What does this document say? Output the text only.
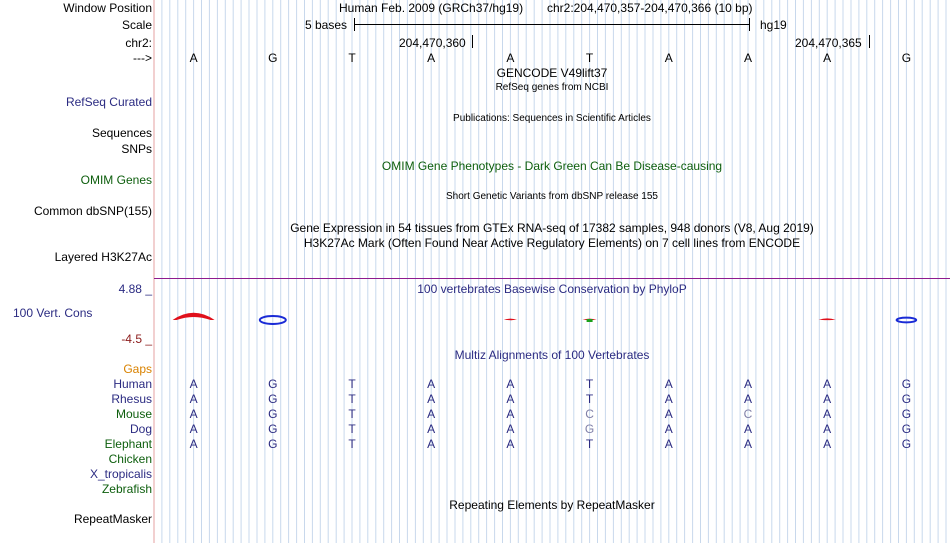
Window Position	Human Feb. 2009 (GRCh37/hg19) chr2:204,470,357-204,470,366 (10 bp)
Scale	5 bases	hg19
chr2:	204,470,360	204,470,365
--->	A	G	T	A	A	T	A	A	A	G
GENCODE V49lift37
RefSeq genes from NCBI
RefSeq Curated
Publications: Sequences in Scientific Articles
Sequences
SNPs
OMIM Gene Phenotypes - Dark Green Can Be Disease-causing
OMIM Genes
Short Genetic Variants from dbSNP release 155
Common dbSNP(155)
Gene Expression in 54 tissues from GTEx RNA-seq of 17382 samples, 948 donors (V8, Aug 2019)
H3K27Ac Mark (Often Found Near Active Regulatory Elements) on 7 cell lines from ENCODE
Layered H3K27Ac
4.88 _	100 vertebrates Basewise Conservation by PhyloP
100 Vert. Cons
-4.5 _
Multiz Alignments of 100 Vertebrates
Gaps
Human	A	G	T	A	A	T	A	A	A	G
Rhesus	A	G	T	A	A	T	A	A	A	G
Mouse	A	G	T	A	A	C	A	C	A	G
Dog	A	G	T	A	A	G	A	A	A	G
Elephant	A	G	T	A	A	T	A	A	A	G
Chicken
X_tropicalis
Zebrafish
Repeating Elements by RepeatMasker
RepeatMasker
